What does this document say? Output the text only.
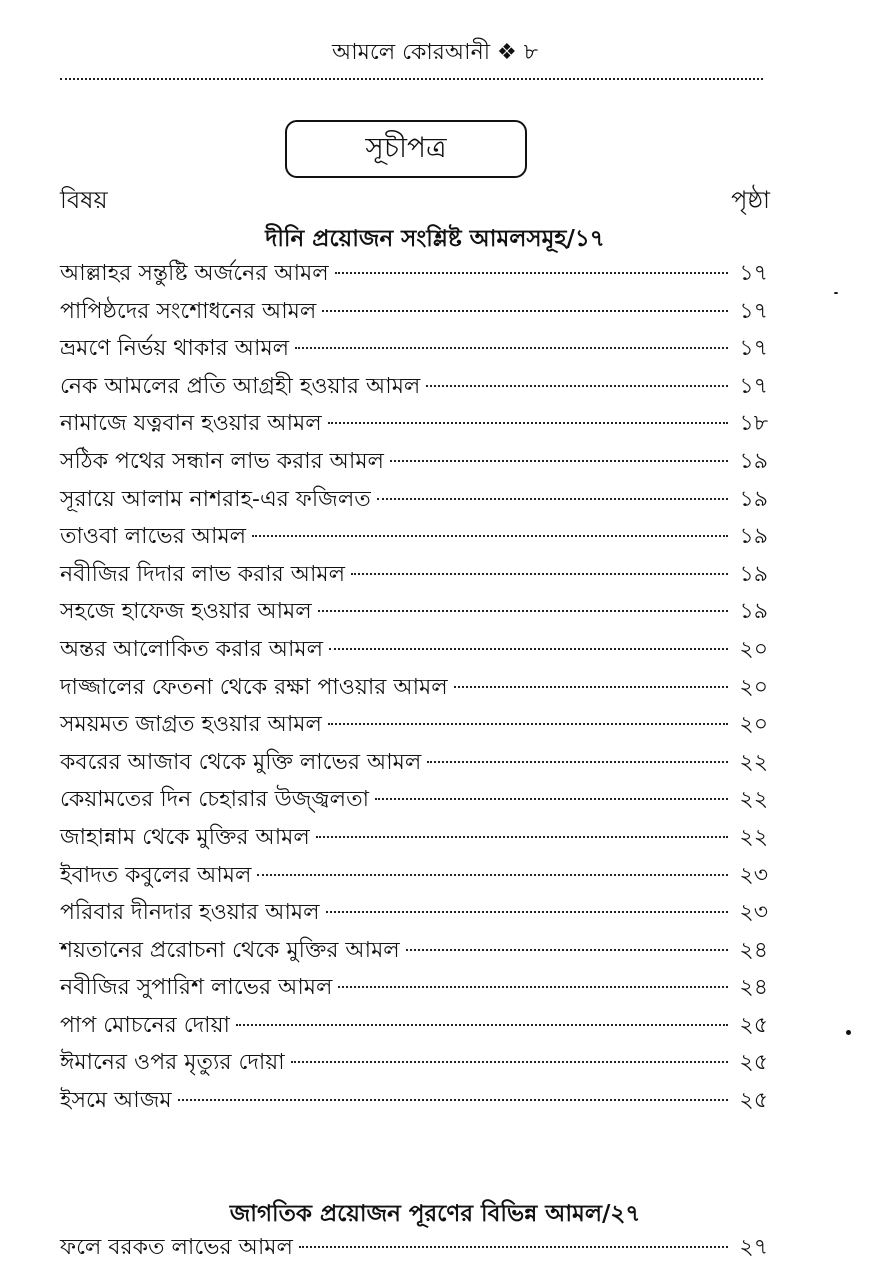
আমলে কোরআনী ❖ ৮
সূচীপত্র
বিষয়	পৃষ্ঠা
দীনি প্রয়োজন সংশ্লিষ্ট আমলসমূহ/১৭
আল্লাহর সন্তুষ্টি অর্জনের আমল	১৭
পাপিষ্ঠদের সংশোধনের আমল	১৭
ভ্রমণে নির্ভয় থাকার আমল	১৭
নেক আমলের প্রতি আগ্রহী হওয়ার আমল	১৭
নামাজে যত্নবান হওয়ার আমল	১৮
সঠিক পথের সন্ধান লাভ করার আমল	১৯
সূরায়ে আলাম নাশরাহ-এর ফজিলত	১৯
তাওবা লাভের আমল	১৯
নবীজির দিদার লাভ করার আমল	১৯
সহজে হাফেজ হওয়ার আমল	১৯
অন্তর আলোকিত করার আমল	২০
দাজ্জালের ফেতনা থেকে রক্ষা পাওয়ার আমল	২০
সময়মত জাগ্রত হওয়ার আমল	২০
কবরের আজাব থেকে মুক্তি লাভের আমল	২২
কেয়ামতের দিন চেহারার উজ্জ্বলতা	২২
জাহান্নাম থেকে মুক্তির আমল	২২
ইবাদত কবুলের আমল	২৩
পরিবার দীনদার হওয়ার আমল	২৩
শয়তানের প্ররোচনা থেকে মুক্তির আমল	২৪
নবীজির সুপারিশ লাভের আমল	২৪
পাপ মোচনের দোয়া	২৫
ঈমানের ওপর মৃত্যুর দোয়া	২৫
ইসমে আজম	২৫
জাগতিক প্রয়োজন পূরণের বিভিন্ন আমল/২৭
ফলে বরকত লাভের আমল	২৭
